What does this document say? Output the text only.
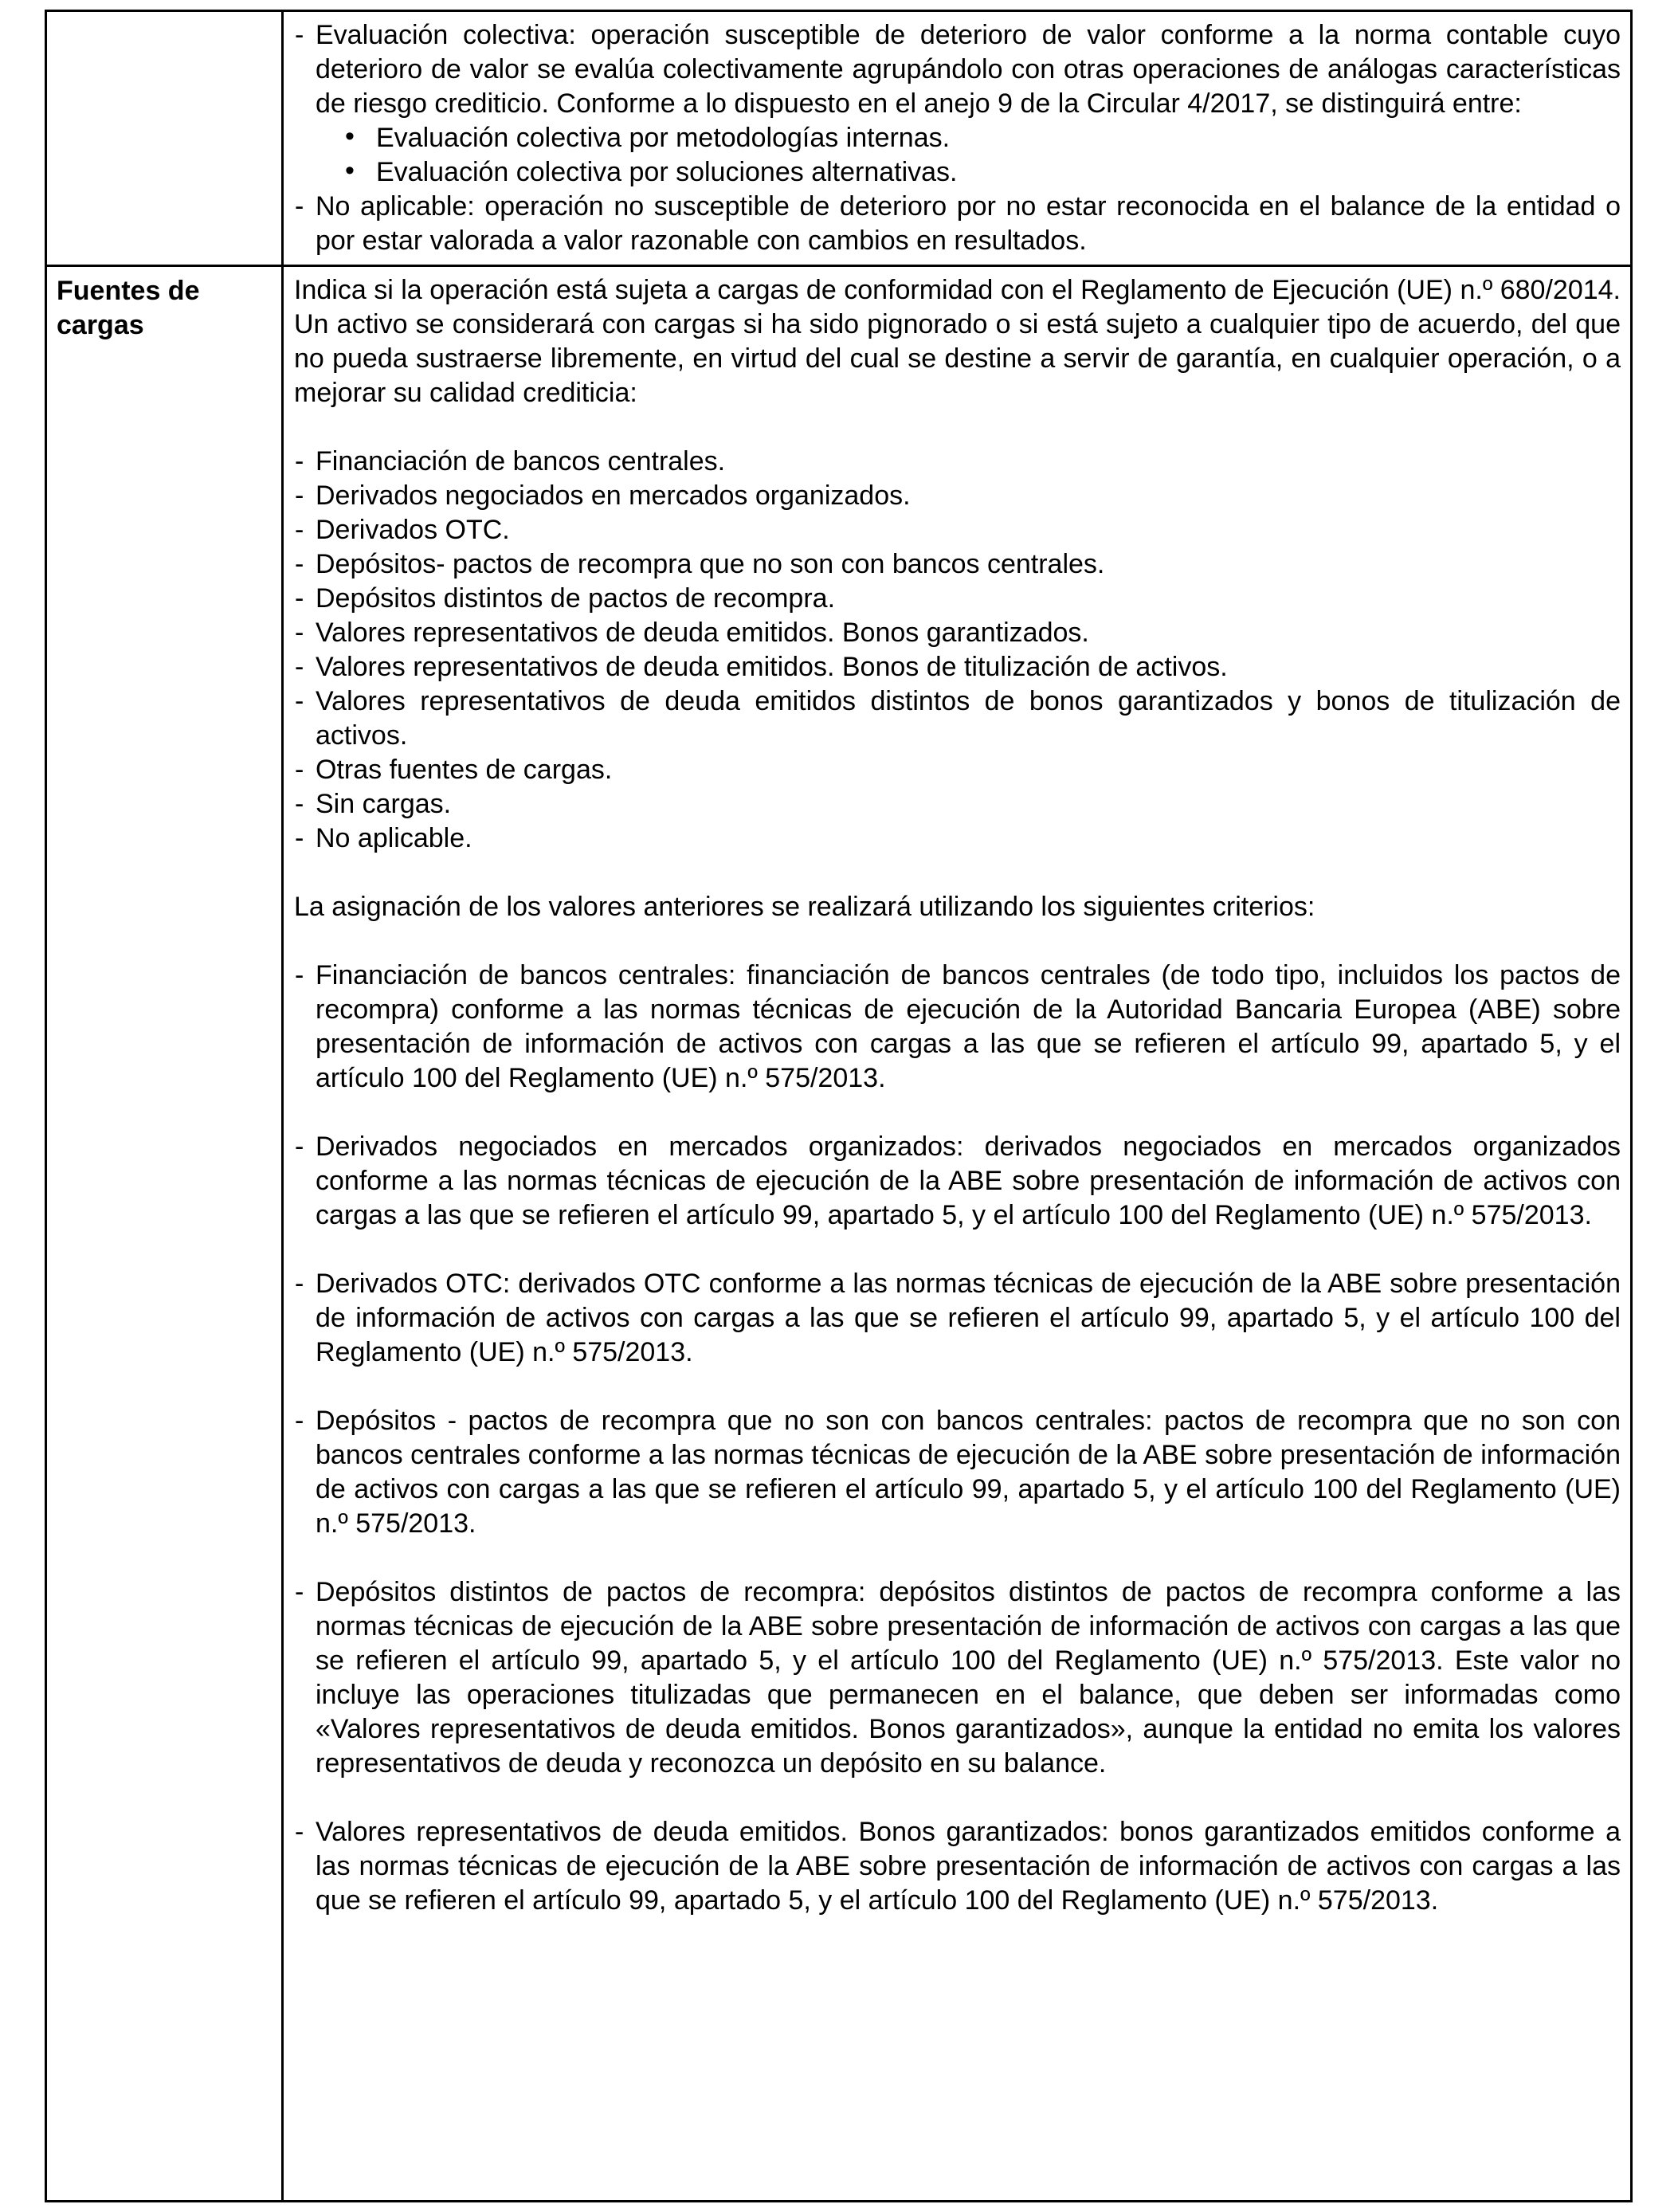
- Evaluación colectiva: operación susceptible de deterioro de valor conforme a la norma contable cuyo deterioro de valor se evalúa colectivamente agrupándolo con otras operaciones de análogas características de riesgo crediticio. Conforme a lo dispuesto en el anejo 9 de la Circular 4/2017, se distinguirá entre:
• Evaluación colectiva por metodologías internas.
• Evaluación colectiva por soluciones alternativas.
- No aplicable: operación no susceptible de deterioro por no estar reconocida en el balance de la entidad o por estar valorada a valor razonable con cambios en resultados.
Fuentes de cargas

Indica si la operación está sujeta a cargas de conformidad con el Reglamento de Ejecución (UE) n.º 680/2014. Un activo se considerará con cargas si ha sido pignorado o si está sujeto a cualquier tipo de acuerdo, del que no pueda sustraerse libremente, en virtud del cual se destine a servir de garantía, en cualquier operación, o a mejorar su calidad crediticia:

- Financiación de bancos centrales.
- Derivados negociados en mercados organizados.
- Derivados OTC.
- Depósitos- pactos de recompra que no son con bancos centrales.
- Depósitos distintos de pactos de recompra.
- Valores representativos de deuda emitidos. Bonos garantizados.
- Valores representativos de deuda emitidos. Bonos de titulización de activos.
- Valores representativos de deuda emitidos distintos de bonos garantizados y bonos de titulización de activos.
- Otras fuentes de cargas.
- Sin cargas.
- No aplicable.

La asignación de los valores anteriores se realizará utilizando los siguientes criterios:

- Financiación de bancos centrales: financiación de bancos centrales (de todo tipo, incluidos los pactos de recompra) conforme a las normas técnicas de ejecución de la Autoridad Bancaria Europea (ABE) sobre presentación de información de activos con cargas a las que se refieren el artículo 99, apartado 5, y el artículo 100 del Reglamento (UE) n.º 575/2013.
- Derivados negociados en mercados organizados: derivados negociados en mercados organizados conforme a las normas técnicas de ejecución de la ABE sobre presentación de información de activos con cargas a las que se refieren el artículo 99, apartado 5, y el artículo 100 del Reglamento (UE) n.º 575/2013.
- Derivados OTC: derivados OTC conforme a las normas técnicas de ejecución de la ABE sobre presentación de información de activos con cargas a las que se refieren el artículo 99, apartado 5, y el artículo 100 del Reglamento (UE) n.º 575/2013.
- Depósitos - pactos de recompra que no son con bancos centrales: pactos de recompra que no son con bancos centrales conforme a las normas técnicas de ejecución de la ABE sobre presentación de información de activos con cargas a las que se refieren el artículo 99, apartado 5, y el artículo 100 del Reglamento (UE) n.º 575/2013.
- Depósitos distintos de pactos de recompra: depósitos distintos de pactos de recompra conforme a las normas técnicas de ejecución de la ABE sobre presentación de información de activos con cargas a las que se refieren el artículo 99, apartado 5, y el artículo 100 del Reglamento (UE) n.º 575/2013. Este valor no incluye las operaciones titulizadas que permanecen en el balance, que deben ser informadas como «Valores representativos de deuda emitidos. Bonos garantizados», aunque la entidad no emita los valores representativos de deuda y reconozca un depósito en su balance.
- Valores representativos de deuda emitidos. Bonos garantizados: bonos garantizados emitidos conforme a las normas técnicas de ejecución de la ABE sobre presentación de información de activos con cargas a las que se refieren el artículo 99, apartado 5, y el artículo 100 del Reglamento (UE) n.º 575/2013.
